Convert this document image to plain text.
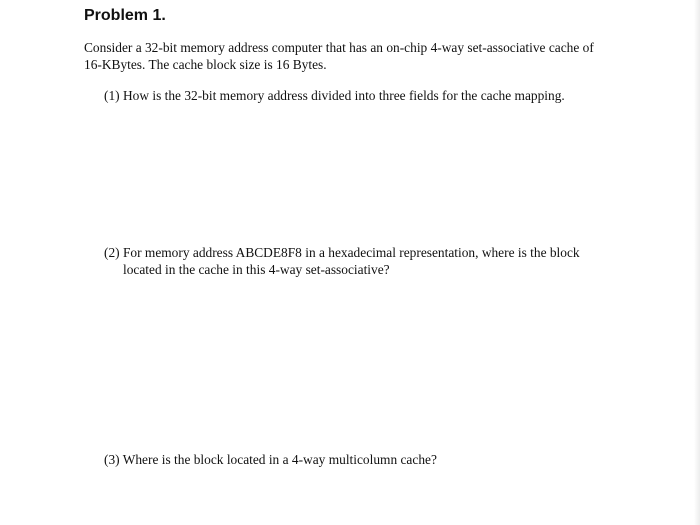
Problem 1.

Consider a 32-bit memory address computer that has an on-chip 4-way set-associative cache of
16-KBytes. The cache block size is 16 Bytes.

(1) How is the 32-bit memory address divided into three fields for the cache mapping.

(2) For memory address ABCDE8F8 in a hexadecimal representation, where is the block
located in the cache in this 4-way set-associative?

(3) Where is the block located in a 4-way multicolumn cache?
